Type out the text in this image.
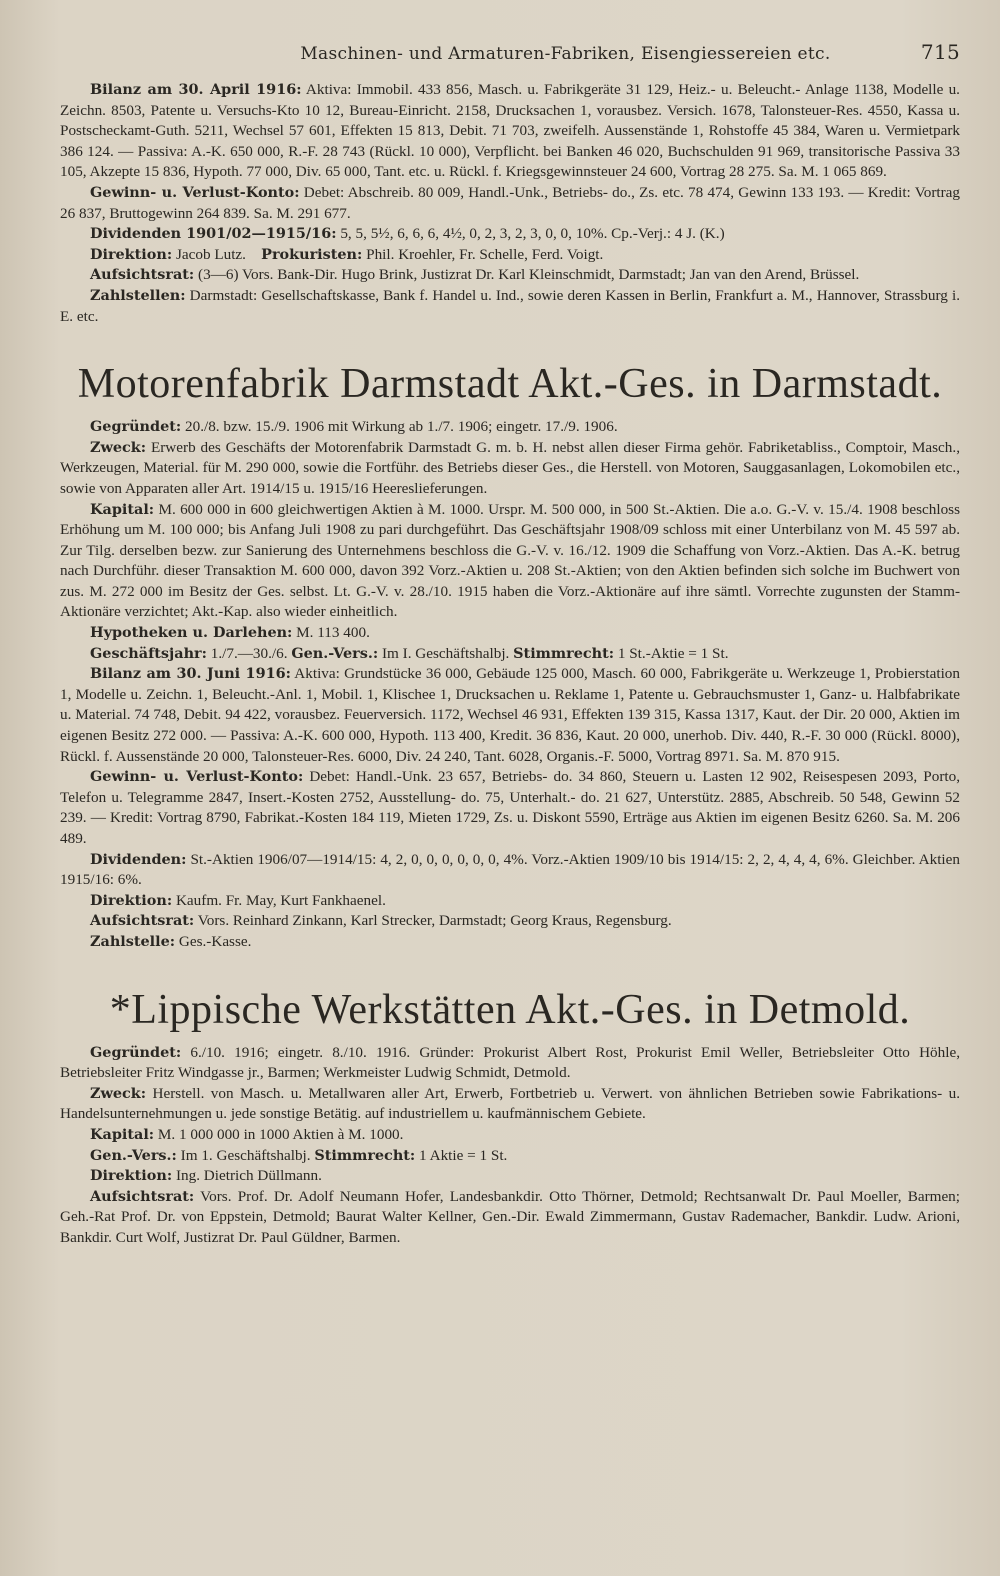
Maschinen- und Armaturen-Fabriken, Eisengiessereien etc.	715

Bilanz am 30. April 1916: Aktiva: Immobil. 433 856, Masch. u. Fabrikgeräte 31 129, Heiz.- u. Beleucht.- Anlage 1138, Modelle u. Zeichn. 8503, Patente u. Versuchs-Kto 10 12, Bureau-Einricht. 2158, Drucksachen 1, vorausbez. Versich. 1678, Talonsteuer-Res. 4550, Kassa u. Postscheckamt-Guth. 5211, Wechsel 57 601, Effekten 15 813, Debit. 71 703, zweifelh. Aussenstände 1, Rohstoffe 45 384, Waren u. Vermietpark 386 124. — Passiva: A.-K. 650 000, R.-F. 28 743 (Rückl. 10 000), Verpflicht. bei Banken 46 020, Buchschulden 91 969, transitorische Passiva 33 105, Akzepte 15 836, Hypoth. 77 000, Div. 65 000, Tant. etc. u. Rückl. f. Kriegsgewinnsteuer 24 600, Vortrag 28 275. Sa. M. 1 065 869.

Gewinn- u. Verlust-Konto: Debet: Abschreib. 80 009, Handl.-Unk., Betriebs- do., Zs. etc. 78 474, Gewinn 133 193. — Kredit: Vortrag 26 837, Bruttogewinn 264 839. Sa. M. 291 677.

Dividenden 1901/02—1915/16: 5, 5, 5½, 6, 6, 6, 4½, 0, 2, 3, 2, 3, 0, 0, 10%. Cp.-Verj.: 4 J. (K.)

Direktion: Jacob Lutz. Prokuristen: Phil. Kroehler, Fr. Schelle, Ferd. Voigt.

Aufsichtsrat: (3—6) Vors. Bank-Dir. Hugo Brink, Justizrat Dr. Karl Kleinschmidt, Darmstadt; Jan van den Arend, Brüssel.

Zahlstellen: Darmstadt: Gesellschaftskasse, Bank f. Handel u. Ind., sowie deren Kassen in Berlin, Frankfurt a. M., Hannover, Strassburg i. E. etc.

Motorenfabrik Darmstadt Akt.-Ges. in Darmstadt.

Gegründet: 20./8. bzw. 15./9. 1906 mit Wirkung ab 1./7. 1906; eingetr. 17./9. 1906.

Zweck: Erwerb des Geschäfts der Motorenfabrik Darmstadt G. m. b. H. nebst allen dieser Firma gehör. Fabriketabliss., Comptoir, Masch., Werkzeugen, Material. für M. 290 000, sowie die Fortführ. des Betriebs dieser Ges., die Herstell. von Motoren, Sauggasanlagen, Lokomobilen etc., sowie von Apparaten aller Art. 1914/15 u. 1915/16 Heereslieferungen.

Kapital: M. 600 000 in 600 gleichwertigen Aktien à M. 1000. Urspr. M. 500 000, in 500 St.-Aktien. Die a.o. G.-V. v. 15./4. 1908 beschloss Erhöhung um M. 100 000; bis Anfang Juli 1908 zu pari durchgeführt. Das Geschäftsjahr 1908/09 schloss mit einer Unterbilanz von M. 45 597 ab. Zur Tilg. derselben bezw. zur Sanierung des Unternehmens beschloss die G.-V. v. 16./12. 1909 die Schaffung von Vorz.-Aktien. Das A.-K. betrug nach Durchführ. dieser Transaktion M. 600 000, davon 392 Vorz.-Aktien u. 208 St.-Aktien; von den Aktien befinden sich solche im Buchwert von zus. M. 272 000 im Besitz der Ges. selbst. Lt. G.-V. v. 28./10. 1915 haben die Vorz.-Aktionäre auf ihre sämtl. Vorrechte zugunsten der Stamm-Aktionäre verzichtet; Akt.-Kap. also wieder einheitlich.

Hypotheken u. Darlehen: M. 113 400.

Geschäftsjahr: 1./7.—30./6. Gen.-Vers.: Im I. Geschäftshalbj. Stimmrecht: 1 St.-Aktie = 1 St.

Bilanz am 30. Juni 1916: Aktiva: Grundstücke 36 000, Gebäude 125 000, Masch. 60 000, Fabrikgeräte u. Werkzeuge 1, Probierstation 1, Modelle u. Zeichn. 1, Beleucht.-Anl. 1, Mobil. 1, Klischee 1, Drucksachen u. Reklame 1, Patente u. Gebrauchsmuster 1, Ganz- u. Halbfabrikate u. Material. 74 748, Debit. 94 422, vorausbez. Feuerversich. 1172, Wechsel 46 931, Effekten 139 315, Kassa 1317, Kaut. der Dir. 20 000, Aktien im eigenen Besitz 272 000. — Passiva: A.-K. 600 000, Hypoth. 113 400, Kredit. 36 836, Kaut. 20 000, unerhob. Div. 440, R.-F. 30 000 (Rückl. 8000), Rückl. f. Aussenstände 20 000, Talonsteuer-Res. 6000, Div. 24 240, Tant. 6028, Organis.-F. 5000, Vortrag 8971. Sa. M. 870 915.

Gewinn- u. Verlust-Konto: Debet: Handl.-Unk. 23 657, Betriebs- do. 34 860, Steuern u. Lasten 12 902, Reisespesen 2093, Porto, Telefon u. Telegramme 2847, Insert.-Kosten 2752, Ausstellung- do. 75, Unterhalt.- do. 21 627, Unterstütz. 2885, Abschreib. 50 548, Gewinn 52 239. — Kredit: Vortrag 8790, Fabrikat.-Kosten 184 119, Mieten 1729, Zs. u. Diskont 5590, Erträge aus Aktien im eigenen Besitz 6260. Sa. M. 206 489.

Dividenden: St.-Aktien 1906/07—1914/15: 4, 2, 0, 0, 0, 0, 0, 0, 4%. Vorz.-Aktien 1909/10 bis 1914/15: 2, 2, 4, 4, 4, 6%. Gleichber. Aktien 1915/16: 6%.

Direktion: Kaufm. Fr. May, Kurt Fankhaenel.

Aufsichtsrat: Vors. Reinhard Zinkann, Karl Strecker, Darmstadt; Georg Kraus, Regensburg.

Zahlstelle: Ges.-Kasse.

*Lippische Werkstätten Akt.-Ges. in Detmold.

Gegründet: 6./10. 1916; eingetr. 8./10. 1916. Gründer: Prokurist Albert Rost, Prokurist Emil Weller, Betriebsleiter Otto Höhle, Betriebsleiter Fritz Windgasse jr., Barmen; Werkmeister Ludwig Schmidt, Detmold.

Zweck: Herstell. von Masch. u. Metallwaren aller Art, Erwerb, Fortbetrieb u. Verwert. von ähnlichen Betrieben sowie Fabrikations- u. Handelsunternehmungen u. jede sonstige Betätig. auf industriellem u. kaufmännischem Gebiete.

Kapital: M. 1 000 000 in 1000 Aktien à M. 1000.

Gen.-Vers.: Im 1. Geschäftshalbj. Stimmrecht: 1 Aktie = 1 St.

Direktion: Ing. Dietrich Düllmann.

Aufsichtsrat: Vors. Prof. Dr. Adolf Neumann Hofer, Landesbankdir. Otto Thörner, Detmold; Rechtsanwalt Dr. Paul Moeller, Barmen; Geh.-Rat Prof. Dr. von Eppstein, Detmold; Baurat Walter Kellner, Gen.-Dir. Ewald Zimmermann, Gustav Rademacher, Bankdir. Ludw. Arioni, Bankdir. Curt Wolf, Justizrat Dr. Paul Güldner, Barmen.
